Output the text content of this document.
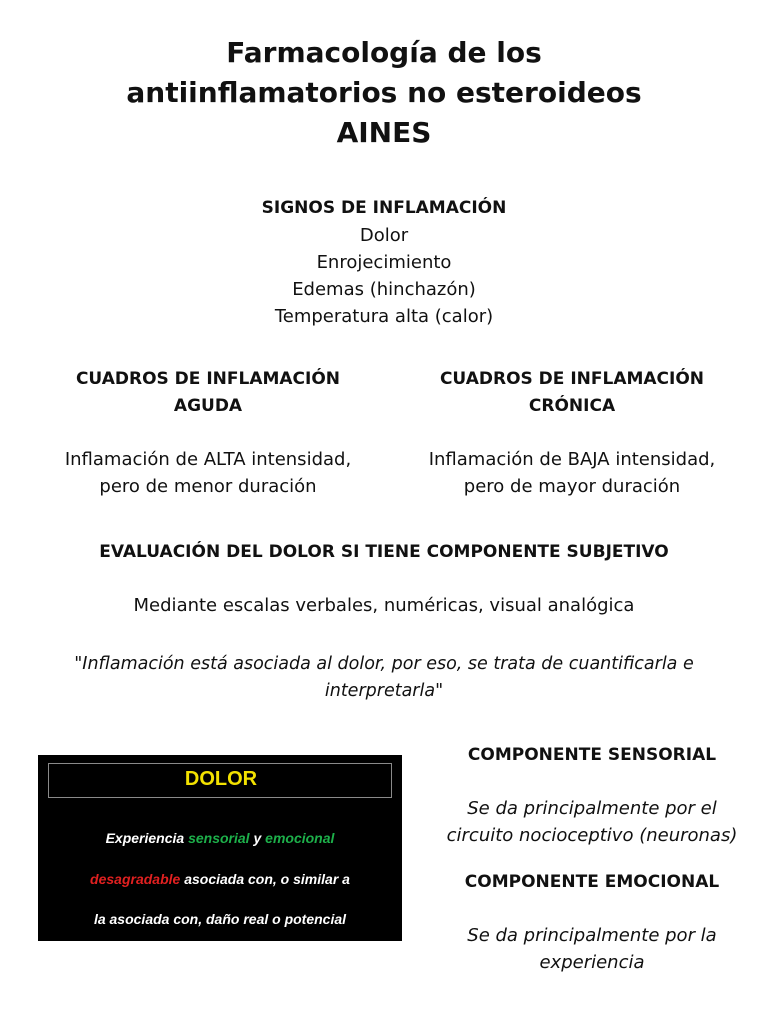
Farmacología de los
antiinflamatorios no esteroideos
AINES
SIGNOS DE INFLAMACIÓN
Dolor
Enrojecimiento
Edemas (hinchazón)
Temperatura alta (calor)
CUADROS DE INFLAMACIÓN
AGUDA
Inflamación de ALTA intensidad,
pero de menor duración
CUADROS DE INFLAMACIÓN
CRÓNICA
Inflamación de BAJA intensidad,
pero de mayor duración
EVALUACIÓN DEL DOLOR SI TIENE COMPONENTE SUBJETIVO
Mediante escalas verbales, numéricas, visual analógica
"Inflamación está asociada al dolor, por eso, se trata de cuantificarla e
interpretarla"
DOLOR
Experiencia sensorial y emocional
desagradable asociada con, o similar a
la asociada con, daño real o potencial
COMPONENTE SENSORIAL
Se da principalmente por el
circuito nocioceptivo (neuronas)
COMPONENTE EMOCIONAL
Se da principalmente por la
experiencia
